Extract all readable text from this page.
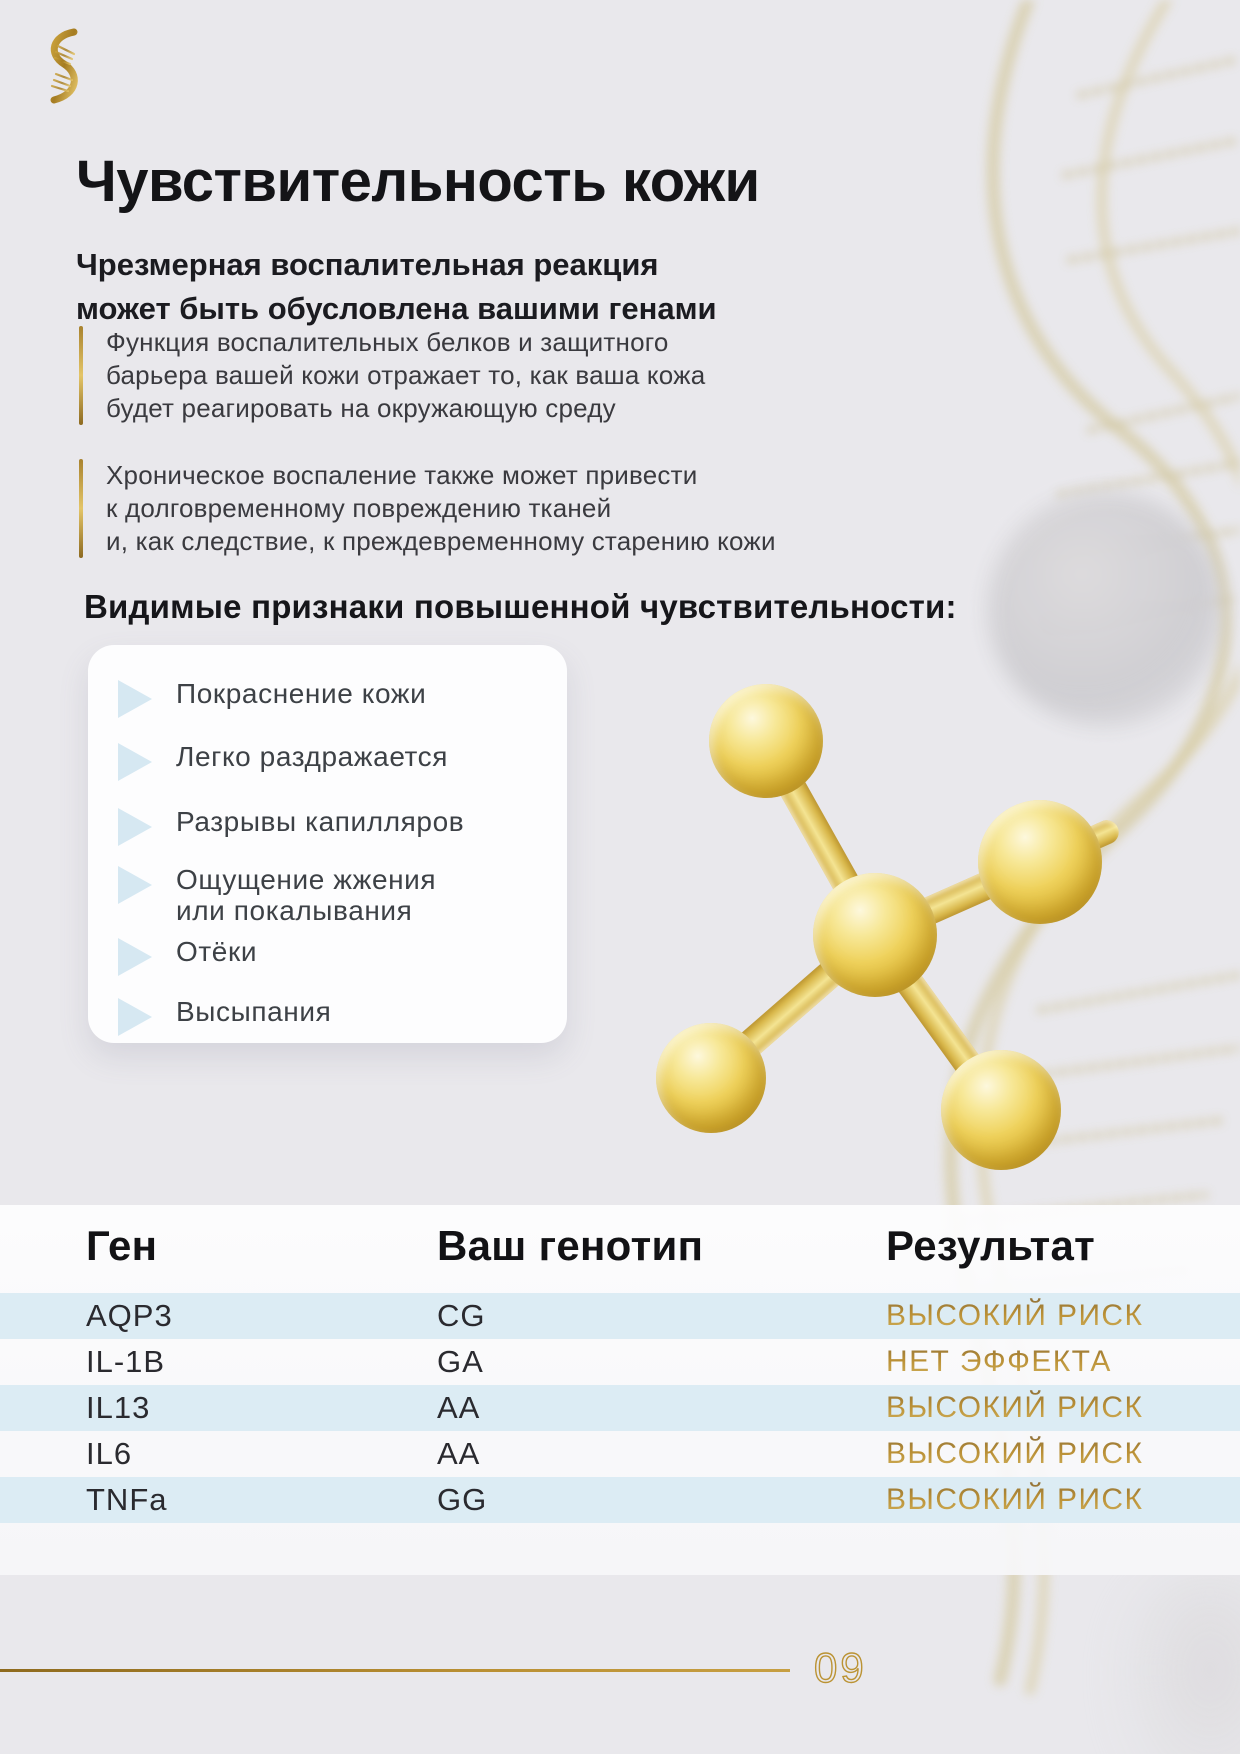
Чувствительность кожи
Чрезмерная воспалительная реакция
может быть обусловлена вашими генами

Функция воспалительных белков и защитного
барьера вашей кожи отражает то, как ваша кожа
будет реагировать на окружающую среду

Хроническое воспаление также может привести
к долговременному повреждению тканей
и, как следствие, к преждевременному старению кожи

Видимые признаки повышенной чувствительности:
Покраснение кожи
Легко раздражается
Разрывы капилляров
Ощущение жжения или покалывания
Отёки
Высыпания
Ген	Ваш генотип	Результат
AQP3	CG	ВЫСОКИЙ РИСК
IL-1B	GA	НЕТ ЭФФЕКТА
IL13	AA	ВЫСОКИЙ РИСК
IL6	AA	ВЫСОКИЙ РИСК
TNFa	GG	ВЫСОКИЙ РИСК
09
